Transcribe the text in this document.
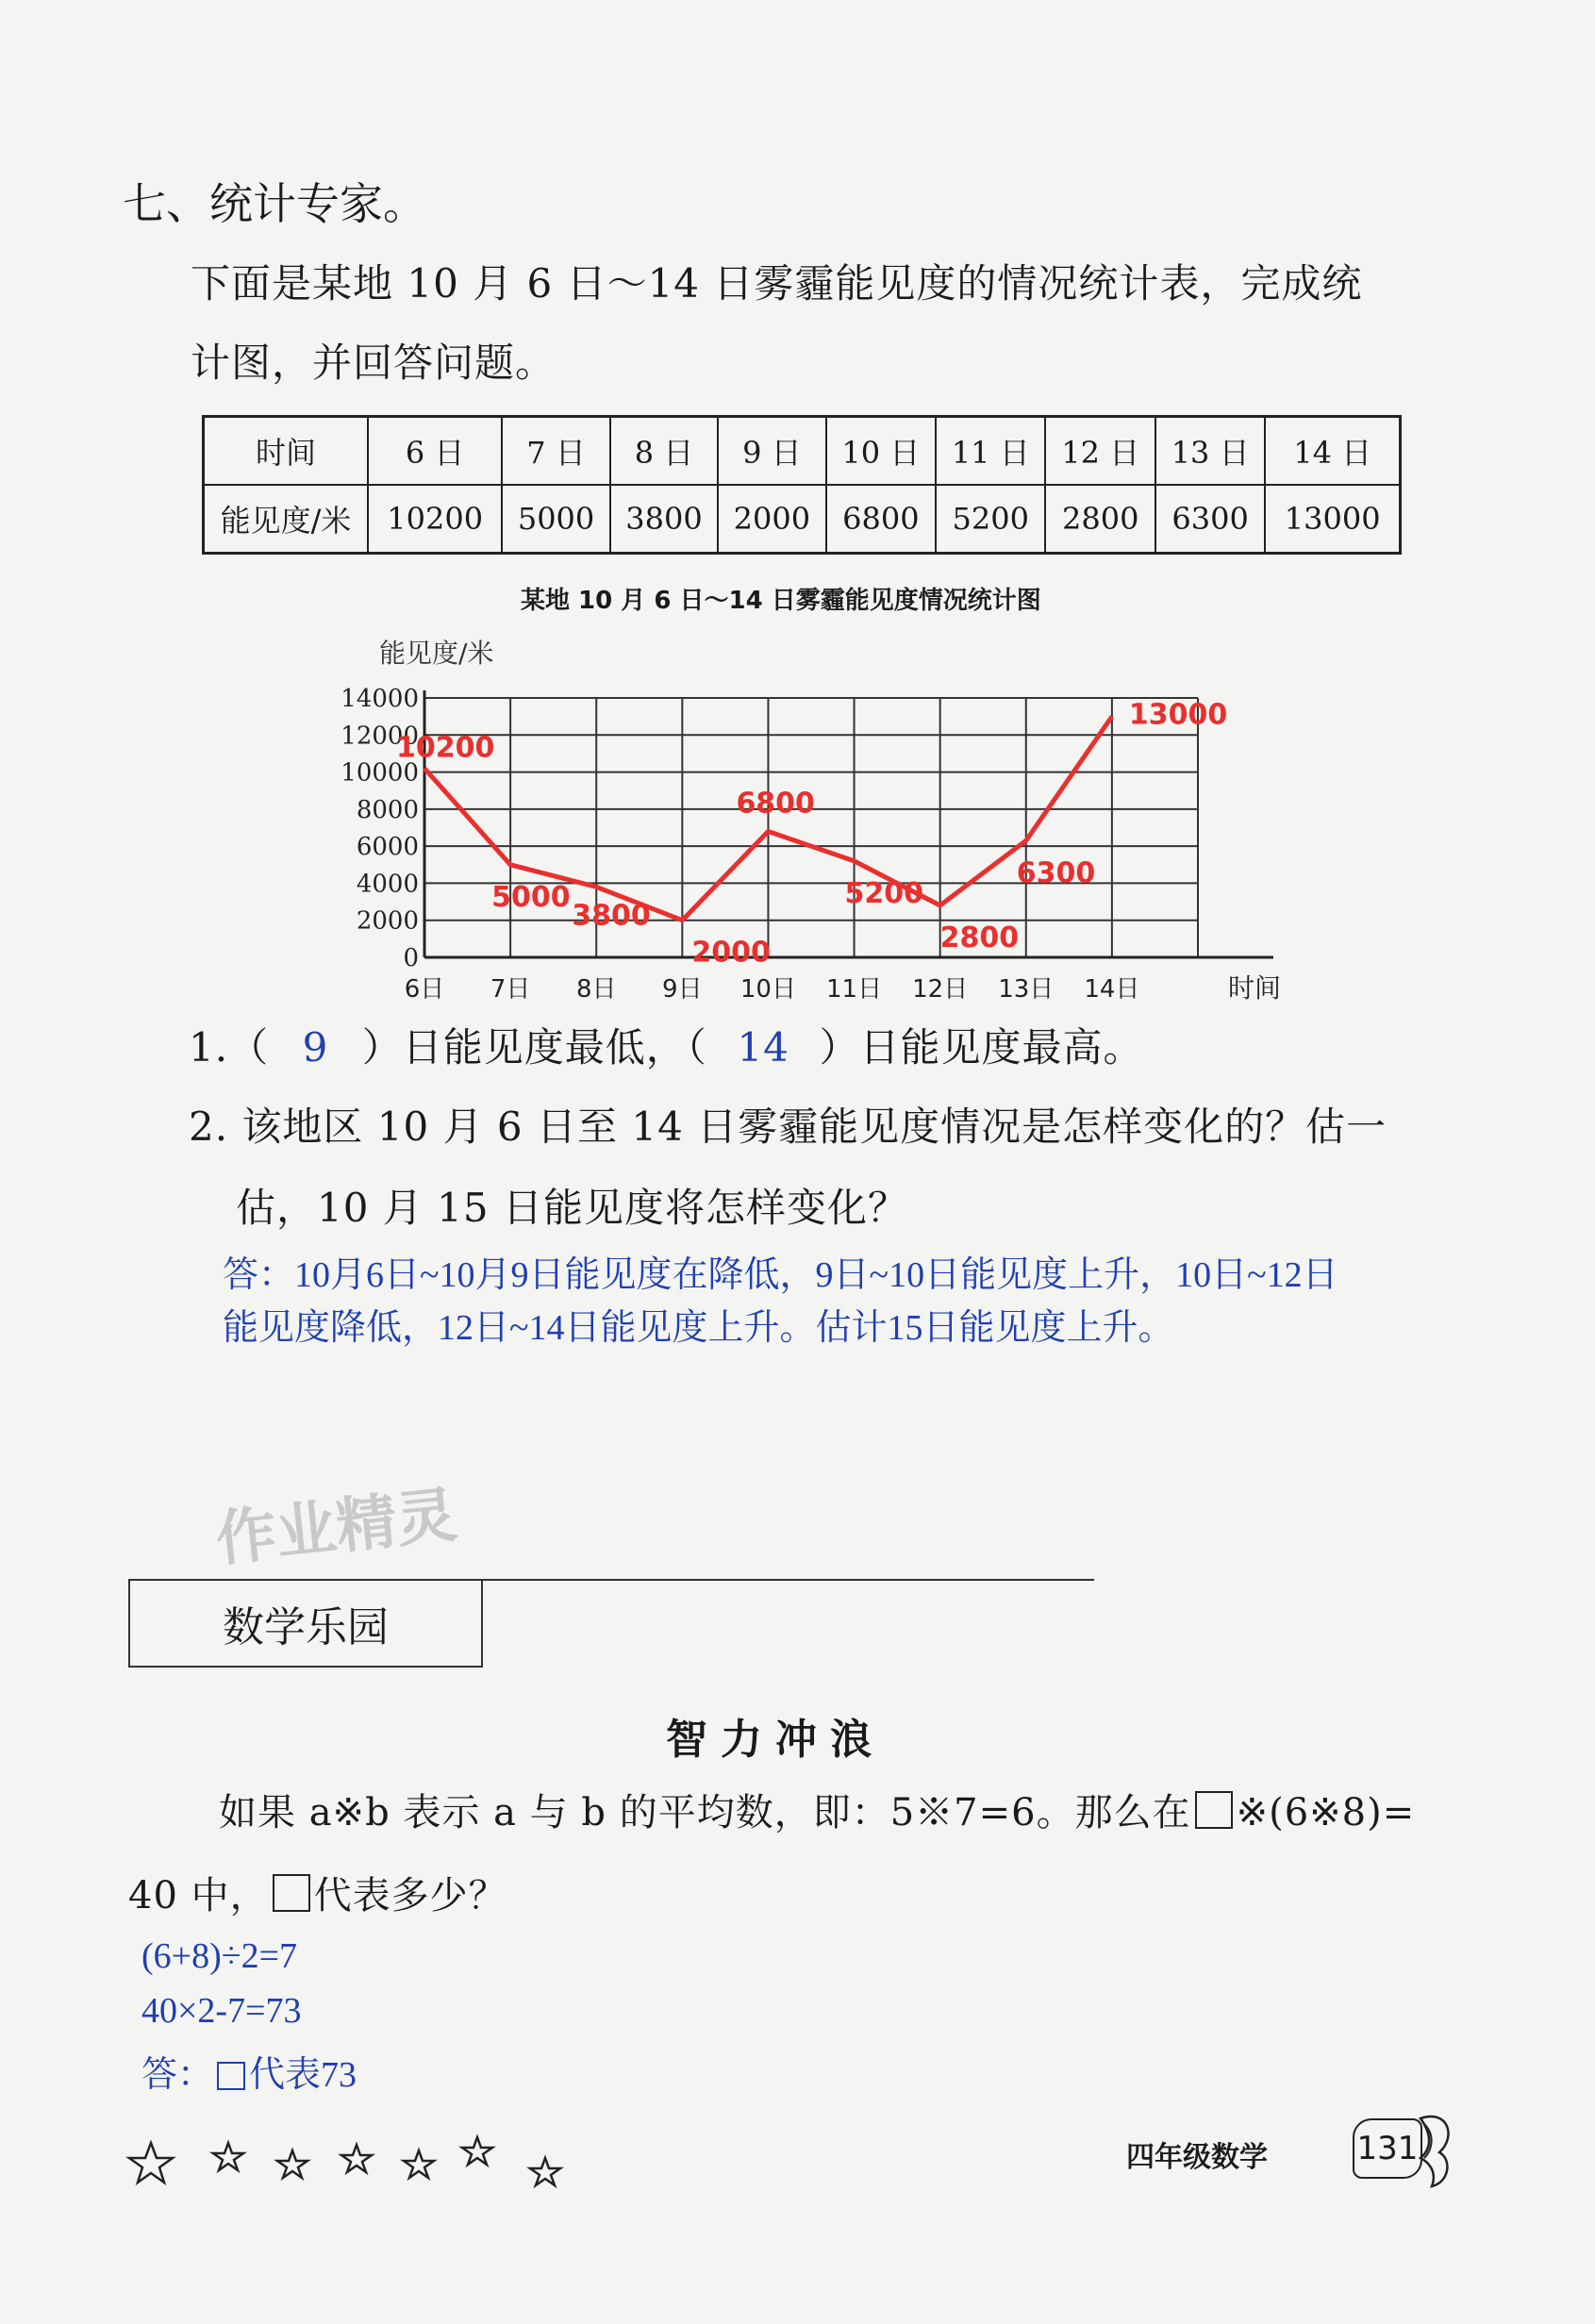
七、统计专家。
下面是某地 10 月 6 日～14 日雾霾能见度的情况统计表，完成统
计图，并回答问题。
时间	6 日	7 日	8 日	9 日	10 日	11 日	12 日	13 日	14 日
能见度/米	10200	5000	3800	2000	6800	5200	2800	6300	13000
某地 10 月 6 日～14 日雾霾能见度情况统计图
能见度/米
0
2000
4000
6000
8000
10000
12000
14000
6日 7日 8日 9日 10日 11日 12日 13日 14日	时间
10200
5000
3800
2000
6800
5200
2800
6300
13000
1.（ 9 ）日能见度最低，（ 14 ）日能见度最高。
2. 该地区 10 月 6 日至 14 日雾霾能见度情况是怎样变化的？估一
估，10 月 15 日能见度将怎样变化？
答：10月6日~10月9日能见度在降低，9日~10日能见度上升，10日~12日
能见度降低，12日~14日能见度上升。估计15日能见度上升。
作业精灵
数学乐园
智力冲浪
如果 a※b 表示 a 与 b 的平均数，即：5※7=6。那么在 ※(6※8)=
40 中， 代表多少？
(6+8)÷2=7
40×2-7=73
答： 代表73
四年级数学	131
